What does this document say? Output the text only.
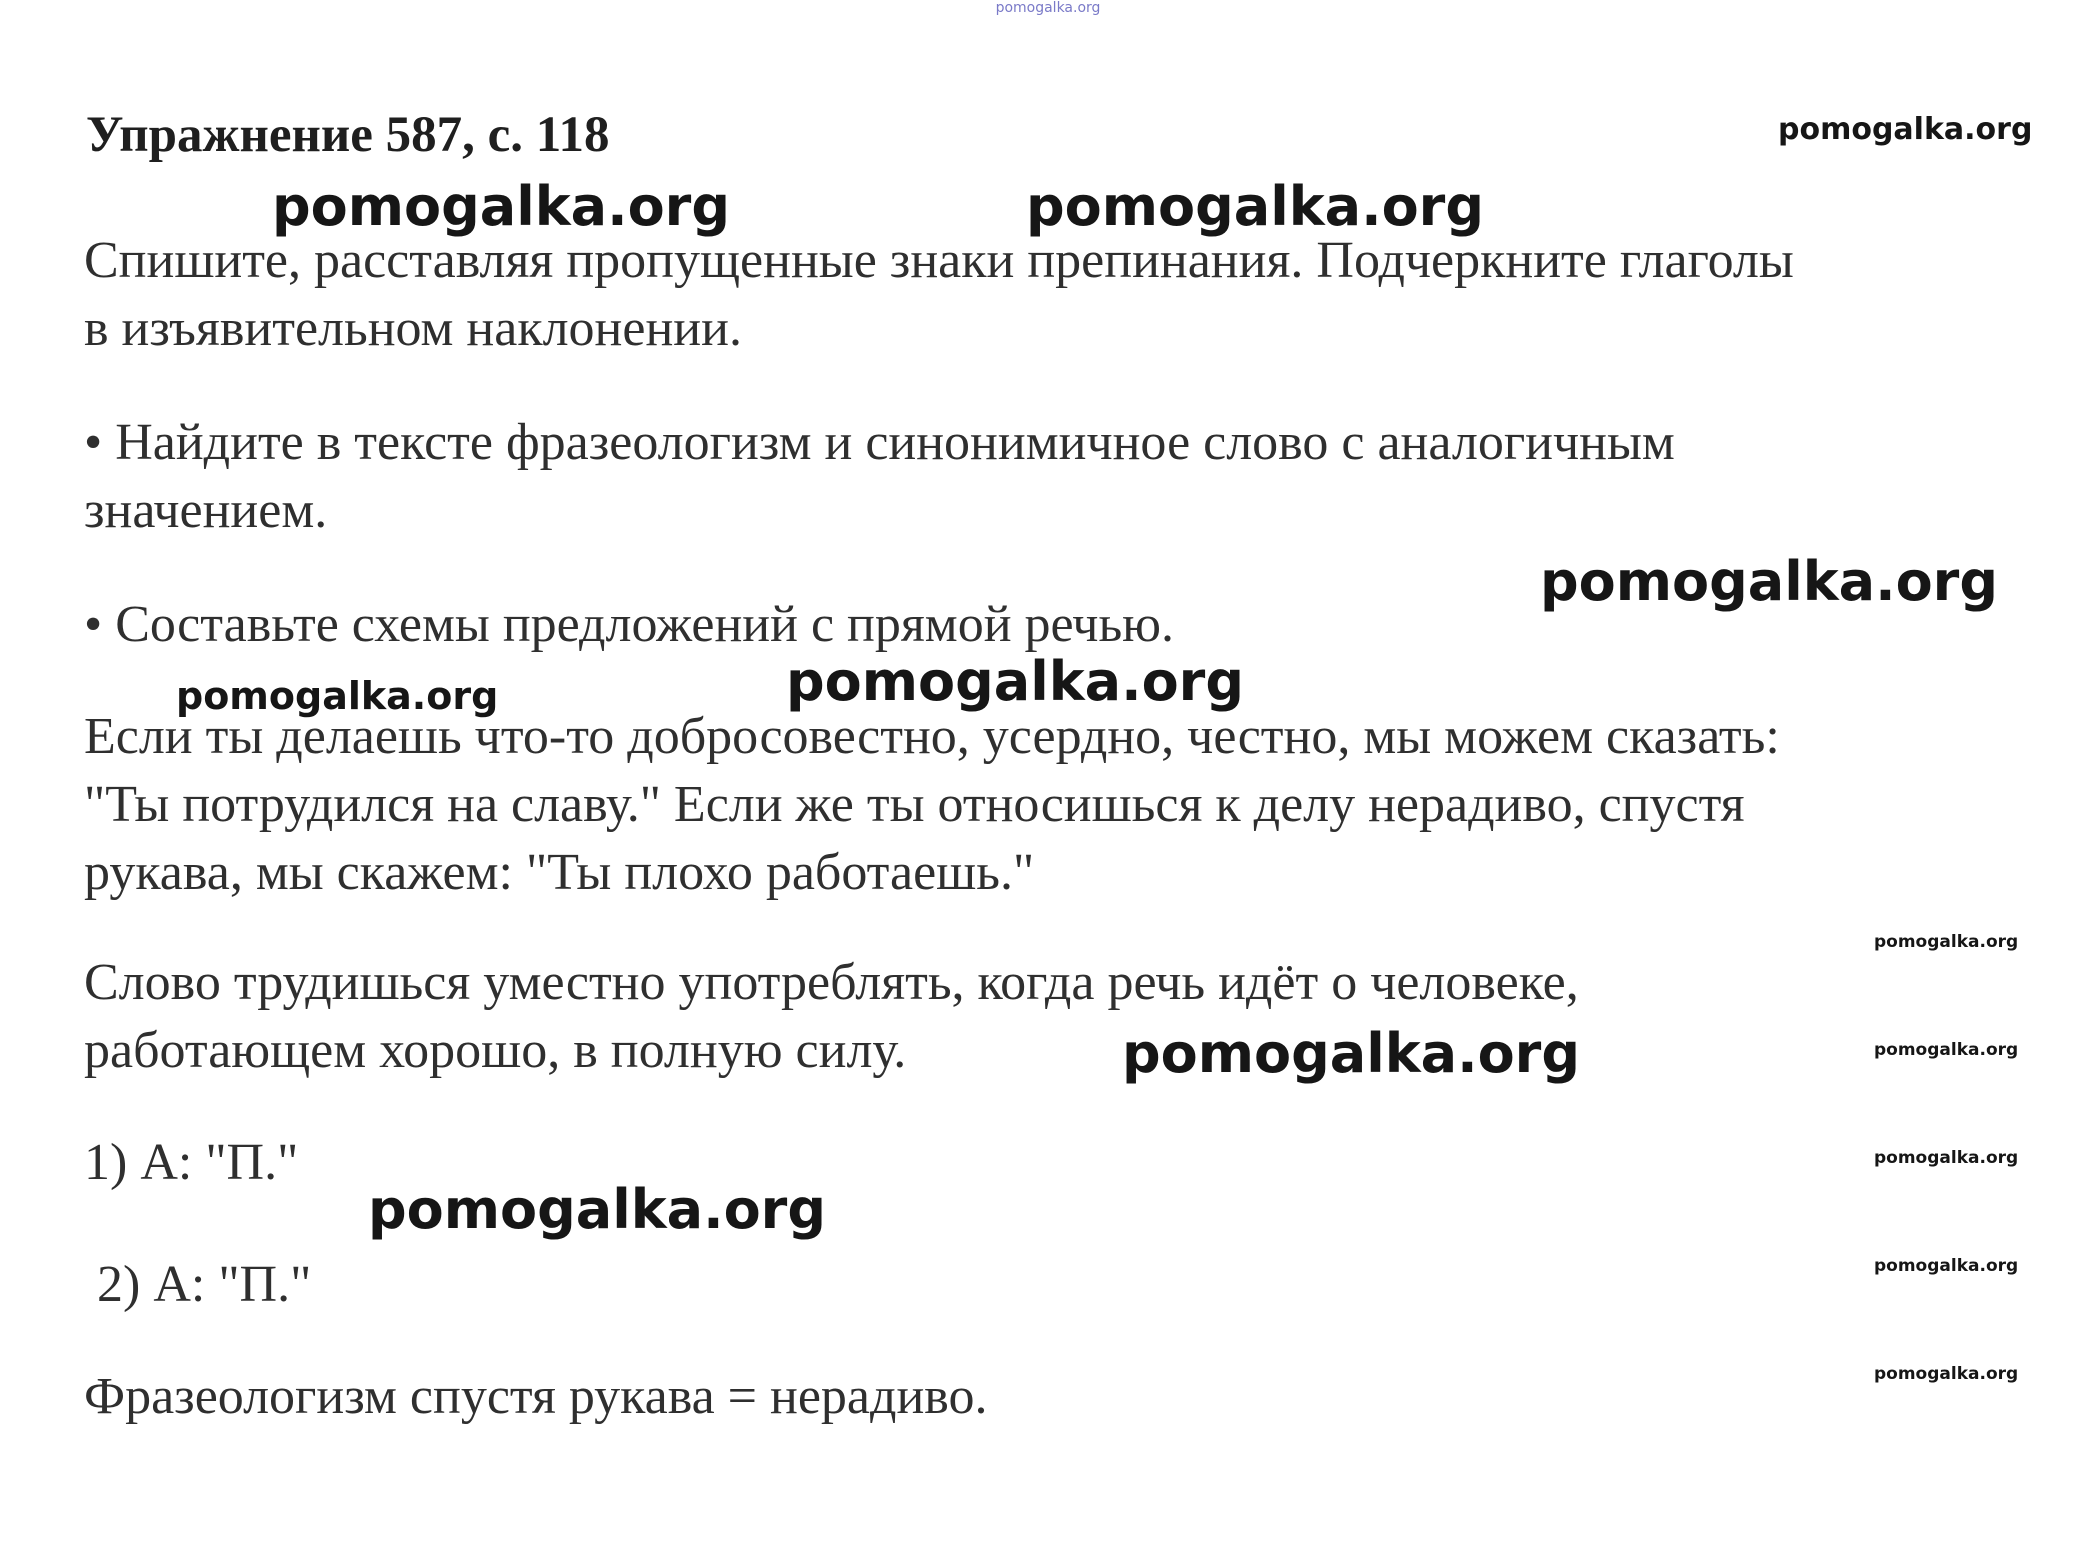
pomogalka.org
Упражнение 587, с. 118	pomogalka.org
pomogalka.org	pomogalka.org
pomogalka.org
pomogalka.org	pomogalka.org
pomogalka.org
pomogalka.org	pomogalka.org
pomogalka.org
pomogalka.org
pomogalka.org
pomogalka.org

Спишите, расставляя пропущенные знаки препинания. Подчеркните глаголы

в изъявительном наклонении.

• Найдите в тексте фразеологизм и синонимичное слово с аналогичным

значением.

• Составьте схемы предложений с прямой речью.

Если ты делаешь что-то добросовестно, усердно, честно, мы можем сказать:

"Ты потрудился на славу." Если же ты относишься к делу нерадиво, спустя

рукава, мы скажем: "Ты плохо работаешь."

Слово трудишься уместно употреблять, когда речь идёт о человеке,

работающем хорошо, в полную силу.

1) А: "П."

2) А: "П."

Фразеологизм спустя рукава = нерадиво.
